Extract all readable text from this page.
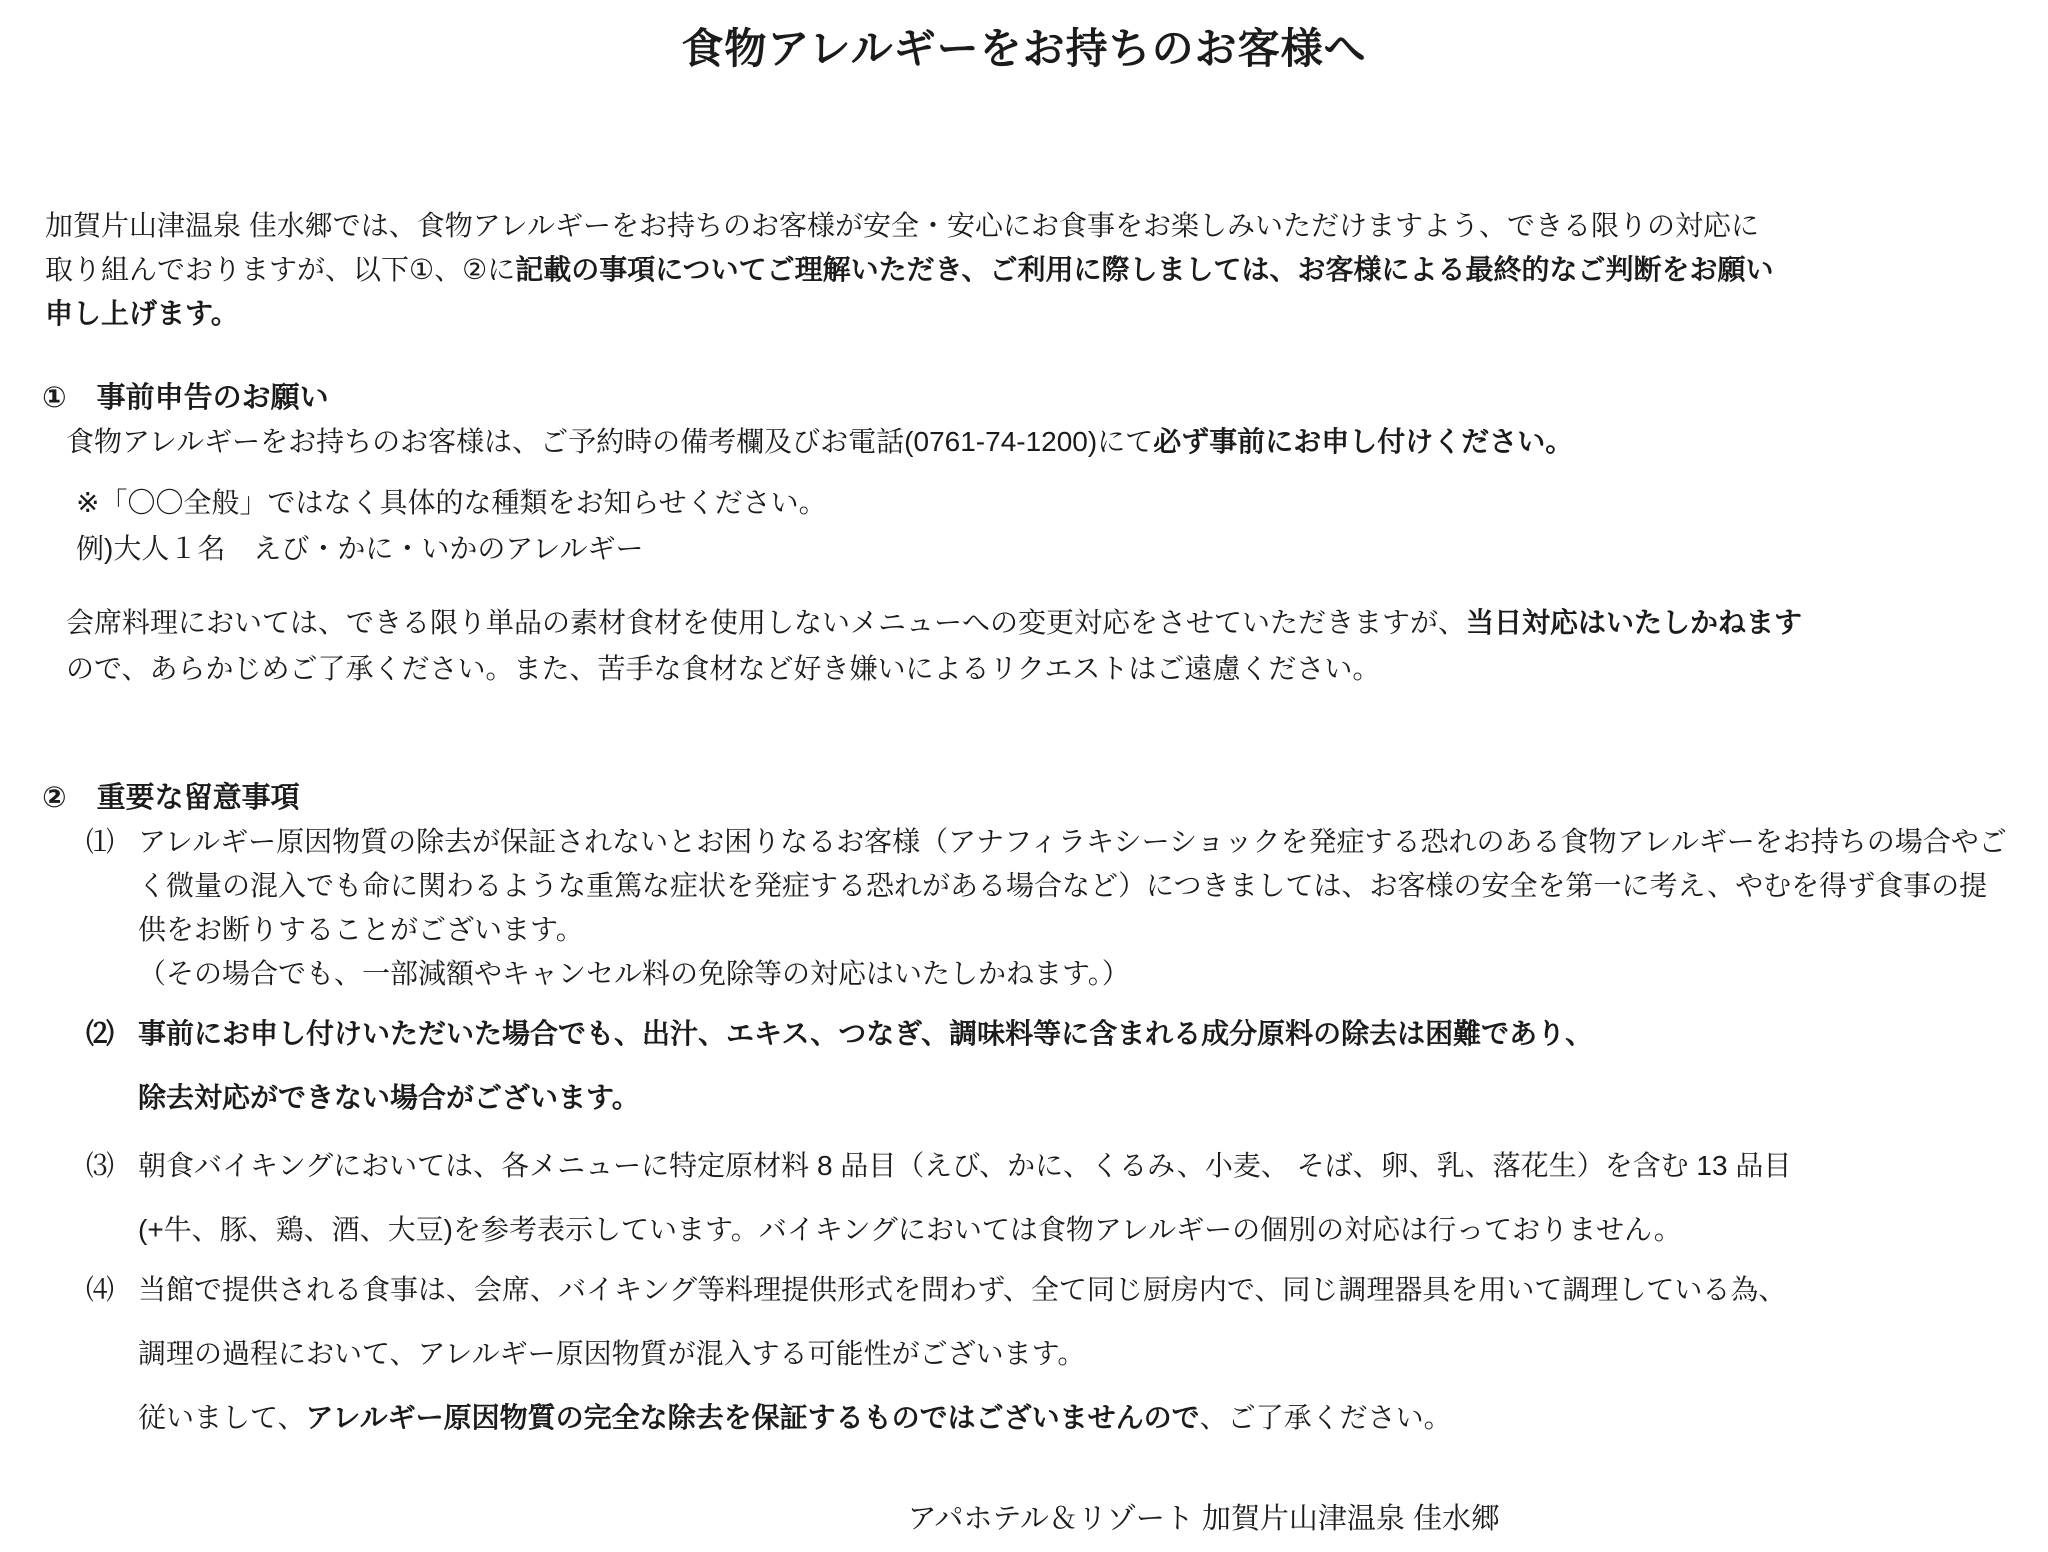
食物アレルギーをお持ちのお客様へ

加賀片山津温泉 佳水郷では、食物アレルギーをお持ちのお客様が安全・安心にお食事をお楽しみいただけますよう、できる限りの対応に
取り組んでおりますが、以下①、②に記載の事項についてご理解いただき、ご利用に際しましては、お客様による最終的なご判断をお願い
申し上げます。

① 事前申告のお願い

食物アレルギーをお持ちのお客様は、ご予約時の備考欄及びお電話(0761-74-1200)にて必ず事前にお申し付けください。

※「〇〇全般」ではなく具体的な種類をお知らせください。
例)大人１名　えび・かに・いかのアレルギー

会席料理においては、できる限り単品の素材食材を使用しないメニューへの変更対応をさせていただきますが、当日対応はいたしかねます
ので、あらかじめご了承ください。また、苦手な食材など好き嫌いによるリクエストはご遠慮ください。

② 重要な留意事項
⑴ アレルギー原因物質の除去が保証されないとお困りなるお客様（アナフィラキシーショックを発症する恐れのある食物アレルギーをお持ちの場合やごく微量の混入でも命に関わるような重篤な症状を発症する恐れがある場合など）につきましては、お客様の安全を第一に考え、やむを得ず食事の提供をお断りすることがございます。
（その場合でも、一部減額やキャンセル料の免除等の対応はいたしかねます。）
⑵ 事前にお申し付けいただいた場合でも、出汁、エキス、つなぎ、調味料等に含まれる成分原料の除去は困難であり、
除去対応ができない場合がございます。
⑶ 朝食バイキングにおいては、各メニューに特定原材料 8 品目（えび、かに、くるみ、小麦、 そば、卵、乳、落花生）を含む 13 品目
(+牛、豚、鶏、酒、大豆)を参考表示しています。バイキングにおいては食物アレルギーの個別の対応は行っておりません。
⑷ 当館で提供される食事は、会席、バイキング等料理提供形式を問わず、全て同じ厨房内で、同じ調理器具を用いて調理している為、
調理の過程において、アレルギー原因物質が混入する可能性がございます。
従いまして、アレルギー原因物質の完全な除去を保証するものではございませんので、ご了承ください。
アパホテル＆リゾート 加賀片山津温泉 佳水郷
